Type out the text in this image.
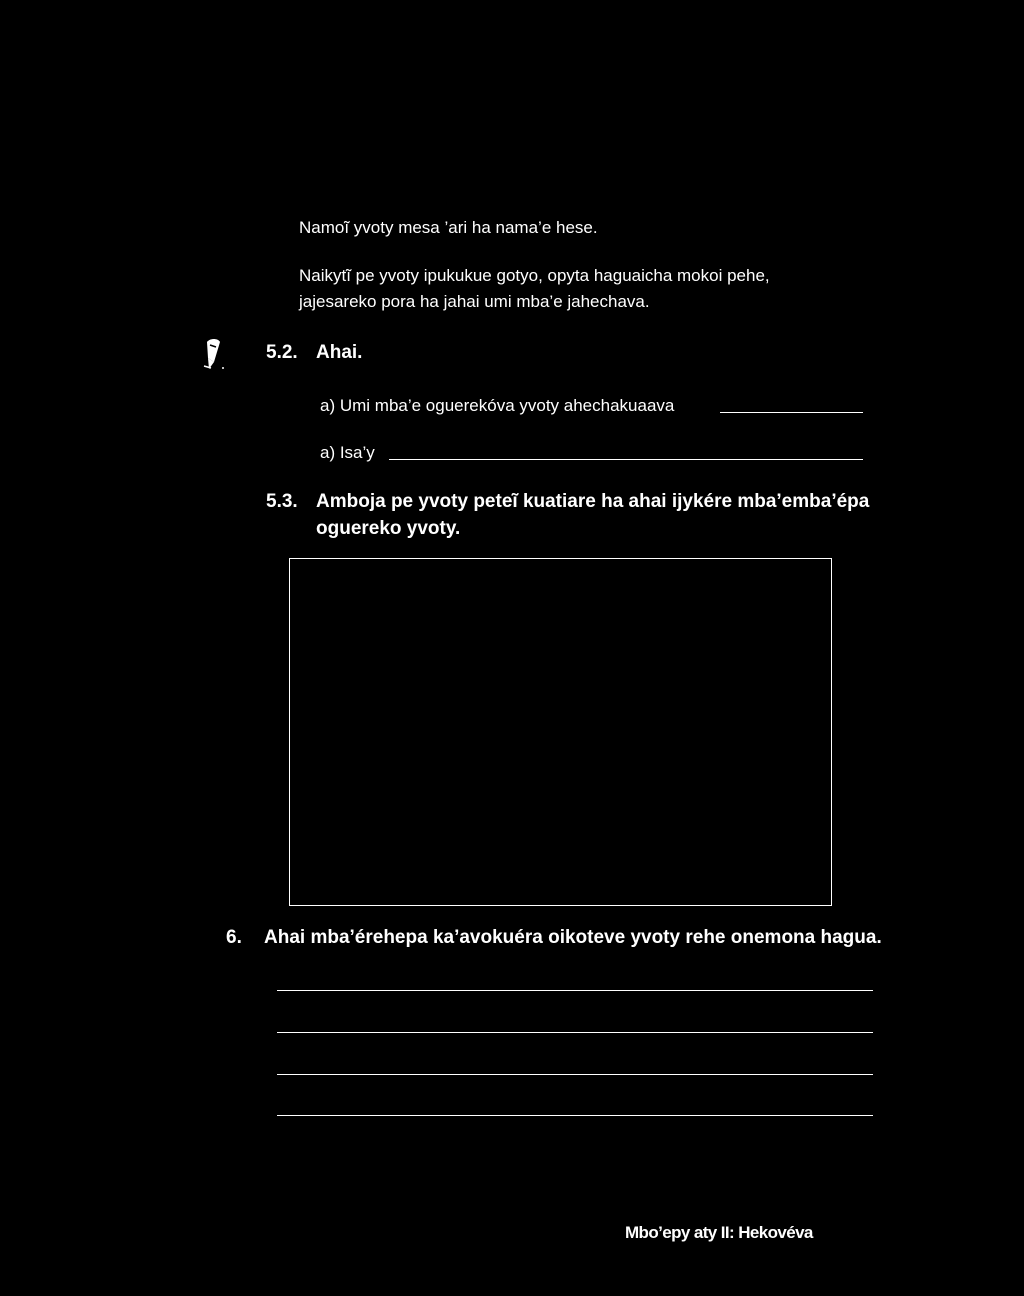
Namoĩ yvoty mesa ’ari ha nama’e hese.
Naikytĩ pe yvoty ipukukue gotyo, opyta haguaicha mokoi pehe,
jajesareko pora ha jahai umi mba’e jahechava.
5.2. Ahai.
a) Umi mba’e oguerekóva yvoty ahechakuaava
a) Isa’y
5.3. Amboja pe yvoty peteĩ kuatiare ha ahai ijykére mba’emba’épa
oguereko yvoty.
6. Ahai mba’érehepa ka’avokuéra oikoteve yvoty rehe onemona hagua.
Mbo’epy aty II: Hekovéva
